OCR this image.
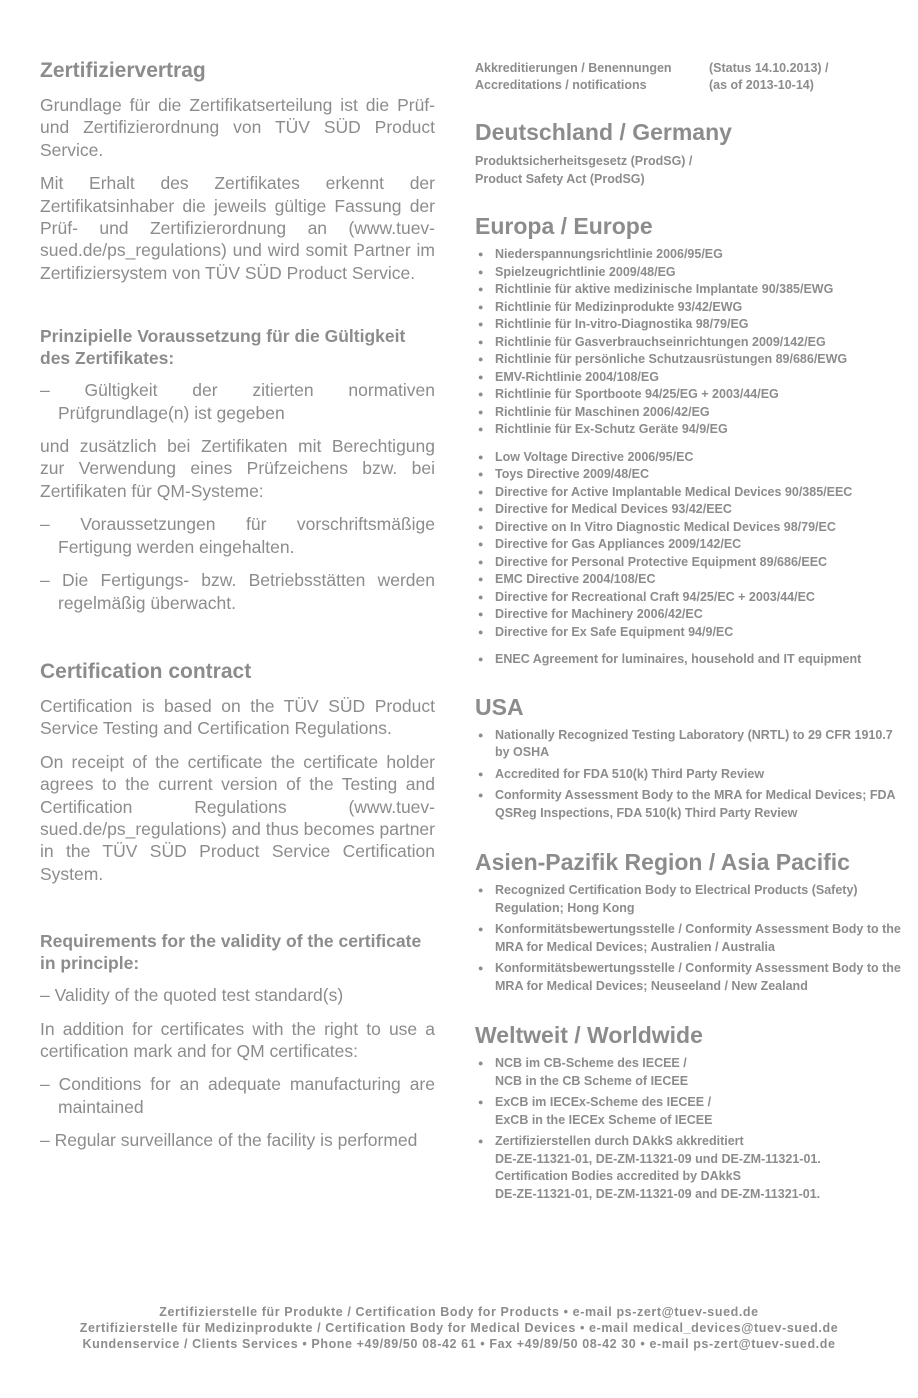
Zertifiziervertrag

Grundlage für die Zertifikatserteilung ist die Prüf- und Zertifizierordnung von TÜV SÜD Product Service.

Mit Erhalt des Zertifikates erkennt der Zertifikatsinhaber die jeweils gültige Fassung der Prüf- und Zertifizierordnung an (www.tuev-sued.de/ps_regulations) und wird somit Partner im Zertifiziersystem von TÜV SÜD Product Service.

Prinzipielle Voraussetzung für die Gültigkeit des Zertifikates:

– Gültigkeit der zitierten normativen Prüfgrundlage(n) ist gegeben

und zusätzlich bei Zertifikaten mit Berechtigung zur Verwendung eines Prüfzeichens bzw. bei Zertifikaten für QM-Systeme:

– Voraussetzungen für vorschriftsmäßige Fertigung werden eingehalten.

– Die Fertigungs- bzw. Betriebsstätten werden regelmäßig überwacht.

Certification contract

Certification is based on the TÜV SÜD Product Service Testing and Certification Regulations.

On receipt of the certificate the certificate holder agrees to the current version of the Testing and Certification Regulations (www.tuev-sued.de/ps_regulations) and thus becomes partner in the TÜV SÜD Product Service Certification System.

Requirements for the validity of the certificate in principle:

– Validity of the quoted test standard(s)

In addition for certificates with the right to use a certification mark and for QM certificates:

– Conditions for an adequate manufacturing are maintained

– Regular surveillance of the facility is performed

Akkreditierungen / Benennungen
Accreditations / notifications
(Status 14.10.2013) /
(as of 2013-10-14)
Deutschland / Germany

Produktsicherheitsgesetz (ProdSG) /

Product Safety Act (ProdSG)

Europa / Europe
● Niederspannungsrichtlinie 2006/95/EG
● Spielzeugrichtlinie 2009/48/EG
● Richtlinie für aktive medizinische Implantate 90/385/EWG
● Richtlinie für Medizinprodukte 93/42/EWG
● Richtlinie für In-vitro-Diagnostika 98/79/EG
● Richtlinie für Gasverbrauchseinrichtungen 2009/142/EG
● Richtlinie für persönliche Schutzausrüstungen 89/686/EWG
● EMV-Richtlinie 2004/108/EG
● Richtlinie für Sportboote 94/25/EG + 2003/44/EG
● Richtlinie für Maschinen 2006/42/EG
● Richtlinie für Ex-Schutz Geräte 94/9/EG
● Low Voltage Directive 2006/95/EC
● Toys Directive 2009/48/EC
● Directive for Active Implantable Medical Devices 90/385/EEC
● Directive for Medical Devices 93/42/EEC
● Directive on In Vitro Diagnostic Medical Devices 98/79/EC
● Directive for Gas Appliances 2009/142/EC
● Directive for Personal Protective Equipment 89/686/EEC
● EMC Directive 2004/108/EC
● Directive for Recreational Craft 94/25/EC + 2003/44/EC
● Directive for Machinery 2006/42/EC
● Directive for Ex Safe Equipment 94/9/EC
● ENEC Agreement for luminaires, household and IT equipment
USA
● Nationally Recognized Testing Laboratory (NRTL) to 29 CFR 1910.7 by OSHA
● Accredited for FDA 510(k) Third Party Review
● Conformity Assessment Body to the MRA for Medical Devices; FDA QSReg Inspections, FDA 510(k) Third Party Review
Asien-Pazifik Region / Asia Pacific
● Recognized Certification Body to Electrical Products (Safety) Regulation; Hong Kong
● Konformitätsbewertungsstelle / Conformity Assessment Body to the MRA for Medical Devices; Australien / Australia
● Konformitätsbewertungsstelle / Conformity Assessment Body to the MRA for Medical Devices; Neuseeland / New Zealand
Weltweit / Worldwide
● NCB im CB-Scheme des IECEE /
NCB in the CB Scheme of IECEE
● ExCB im IECEx-Scheme des IECEE /
ExCB in the IECEx Scheme of IECEE
● Zertifizierstellen durch DAkkS akkreditiert
DE-ZE-11321-01, DE-ZM-11321-09 und DE-ZM-11321-01.
Certification Bodies accredited by DAkkS
DE-ZE-11321-01, DE-ZM-11321-09 and DE-ZM-11321-01.
Zertifizierstelle für Produkte / Certification Body for Products • e-mail ps-zert@tuev-sued.de
Zertifizierstelle für Medizinprodukte / Certification Body for Medical Devices • e-mail medical_devices@tuev-sued.de
Kundenservice / Clients Services • Phone +49/89/50 08-42 61 • Fax +49/89/50 08-42 30 • e-mail ps-zert@tuev-sued.de
